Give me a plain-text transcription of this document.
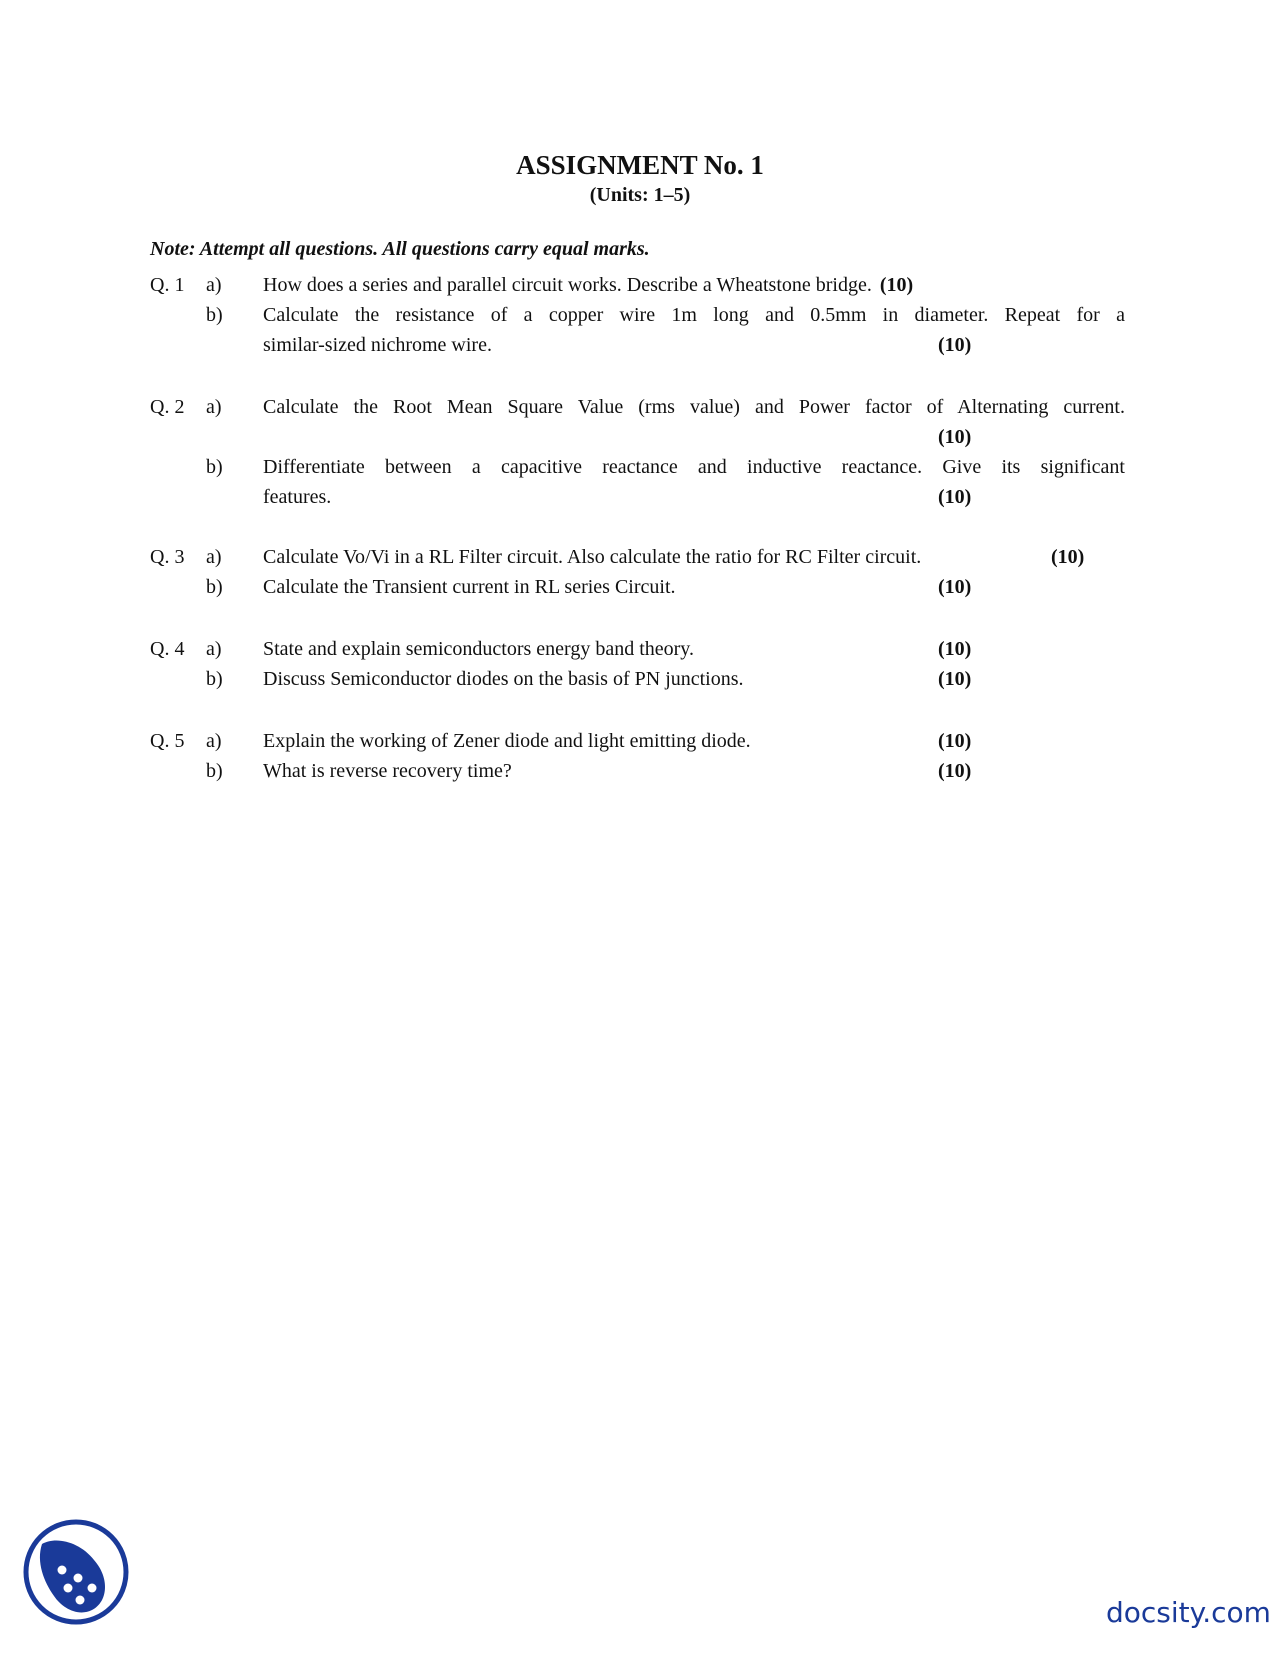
ASSIGNMENT No. 1
(Units: 1–5)
Note: Attempt all questions. All questions carry equal marks.
Q. 1 a) How does a series and parallel circuit works. Describe a Wheatstone bridge. (10)
b) Calculate the resistance of a copper wire 1m long and 0.5mm in diameter. Repeat for a
similar-sized nichrome wire.	(10)
Q. 2 a) Calculate the Root Mean Square Value (rms value) and Power factor of Alternating current.
(10)
b) Differentiate between a capacitive reactance and inductive reactance. Give its significant
features.	(10)
Q. 3 a) Calculate Vo/Vi in a RL Filter circuit. Also calculate the ratio for RC Filter circuit.	(10)
b) Calculate the Transient current in RL series Circuit.	(10)
Q. 4 a) State and explain semiconductors energy band theory.	(10)
b) Discuss Semiconductor diodes on the basis of PN junctions.	(10)
Q. 5 a) Explain the working of Zener diode and light emitting diode.	(10)
b) What is reverse recovery time?	(10)
docsity.com
